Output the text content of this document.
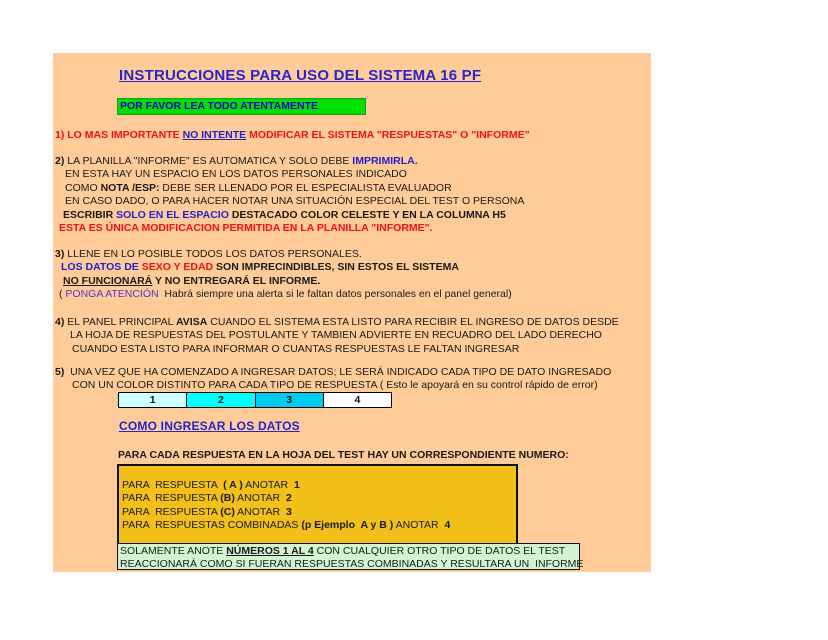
INSTRUCCIONES PARA USO DEL SISTEMA 16 PF
POR FAVOR LEA TODO ATENTAMENTE
1) LO MAS IMPORTANTE NO INTENTE MODIFICAR EL SISTEMA "RESPUESTAS" O "INFORME"
2) LA PLANILLA "INFORME" ES AUTOMATICA Y SOLO DEBE IMPRIMIRLA.
EN ESTA HAY UN ESPACIO EN LOS DATOS PERSONALES INDICADO
COMO NOTA /ESP: DEBE SER LLENADO POR EL ESPECIALISTA EVALUADOR
EN CASO DADO, O PARA HACER NOTAR UNA SITUACIÓN ESPECIAL DEL TEST O PERSONA
ESCRIBIR SOLO EN EL ESPACIO DESTACADO COLOR CELESTE Y EN LA COLUMNA H5
ESTA ES ÚNICA MODIFICACION PERMITIDA EN LA PLANILLA "INFORME".
3) LLENE EN LO POSIBLE TODOS LOS DATOS PERSONALES.
LOS DATOS DE SEXO Y EDAD SON IMPRECINDIBLES, SIN ESTOS EL SISTEMA
NO FUNCIONARÁ Y NO ENTREGARÁ EL INFORME.
( PONGA ATENCIÓN  Habrá siempre una alerta si le faltan datos personales en el panel general)
4) EL PANEL PRINCIPAL AVISA CUANDO EL SISTEMA ESTA LISTO PARA RECIBIR EL INGRESO DE DATOS DESDE
LA HOJA DE RESPUESTAS DEL POSTULANTE Y TAMBIEN ADVIERTE EN RECUADRO DEL LADO DERECHO
CUANDO ESTA LISTO PARA INFORMAR O CUANTAS RESPUESTAS LE FALTAN INGRESAR
5)  UNA VEZ QUE HA COMENZADO A INGRESAR DATOS; LE SERÁ INDICADO CADA TIPO DE DATO INGRESADO
CON UN COLOR DISTINTO PARA CADA TIPO DE RESPUESTA ( Esto le apoyará en su control rápido de error)
1	2	3	4
COMO INGRESAR LOS DATOS
PARA CADA RESPUESTA EN LA HOJA DEL TEST HAY UN CORRESPONDIENTE NUMERO:
PARA  RESPUESTA  ( A ) ANOTAR  1
PARA  RESPUESTA (B) ANOTAR  2
PARA  RESPUESTA (C) ANOTAR  3
PARA  RESPUESTAS COMBINADAS (p Ejemplo  A y B ) ANOTAR  4
SOLAMENTE ANOTE NÚMEROS 1 AL 4 CON CUALQUIER OTRO TIPO DE DATOS EL TEST
REACCIONARÁ COMO SI FUERAN RESPUESTAS COMBINADAS Y RESULTARA UN  INFORME
